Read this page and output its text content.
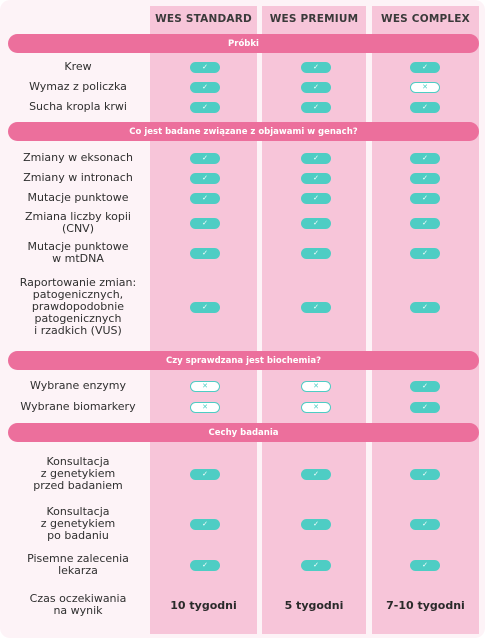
WES STANDARD	WES PREMIUM	WES COMPLEX
Próbki
Krew	✓	✓	✓
Wymaz z policzka	✓	✓	✕
Sucha kropla krwi	✓	✓	✓
Co jest badane związane z objawami w genach?
Zmiany w eksonach	✓	✓	✓
Zmiany w intronach	✓	✓	✓
Mutacje punktowe	✓	✓	✓
Zmiana liczby kopii
(CNV)	✓	✓	✓
Mutacje punktowe
w mtDNA	✓	✓	✓
Raportowanie zmian:
patogenicznych,
prawdopodobnie
patogenicznych
i rzadkich (VUS)
✓	✓	✓
Czy sprawdzana jest biochemia?
Wybrane enzymy	✕	✕	✓
Wybrane biomarkery	✕	✕	✓
Cechy badania
Konsultacja
z genetykiem
przed badaniem
✓	✓	✓
Konsultacja
z genetykiem
po badaniu
✓	✓	✓
Pisemne zalecenia
lekarza	✓	✓	✓
Czas oczekiwania
na wynik	10 tygodni	5 tygodni	7-10 tygodni
